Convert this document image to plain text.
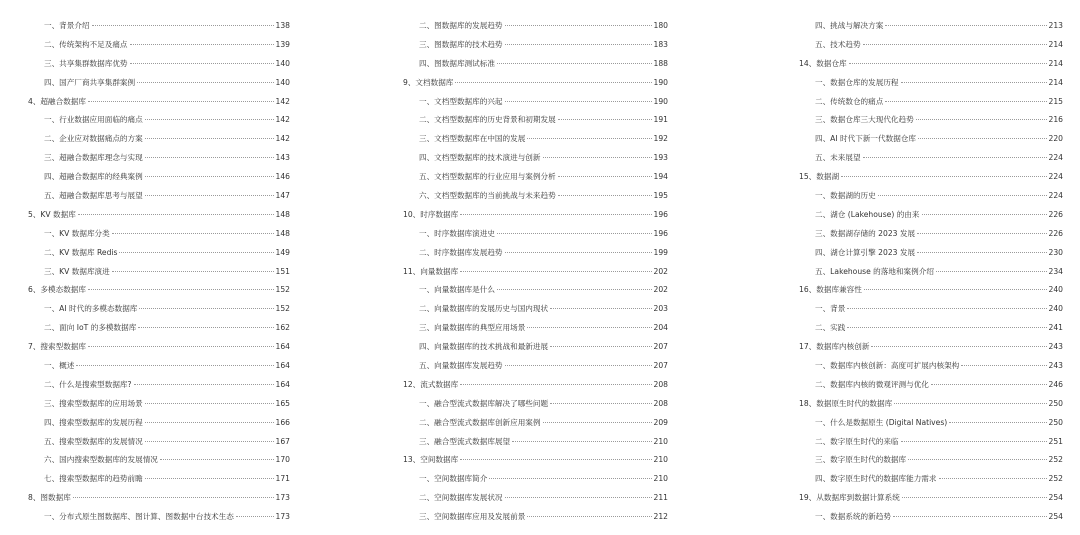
一、背景介绍	138
二、传统架构不足及痛点	139
三、共享集群数据库优势	140
四、国产厂商共享集群案例	140
4、超融合数据库	142
一、行业数据应用面临的痛点	142
二、企业应对数据痛点的方案	142
三、超融合数据库理念与实现	143
四、超融合数据库的经典案例	146
五、超融合数据库思考与展望	147
5、KV 数据库	148
一、KV 数据库分类	148
二、KV 数据库 Redis	149
三、KV 数据库演进	151
6、多模态数据库	152
一、AI 时代的多模态数据库	152
二、面向 IoT 的多模数据库	162
7、搜索型数据库	164
一、概述	164
二、什么是搜索型数据库?	164
三、搜索型数据库的应用场景	165
四、搜索型数据库的发展历程	166
五、搜索型数据库的发展情况	167
六、国内搜索型数据库的发展情况	170
七、搜索型数据库的趋势前瞻	171
8、图数据库	173
一、分布式原生图数据库、图计算、图数据中台技术生态	173
二、图数据库的发展趋势	180
三、图数据库的技术趋势	183
四、图数据库测试标准	188
9、文档数据库	190
一、文档型数据库的兴起	190
二、文档型数据库的历史背景和初期发展	191
三、文档型数据库在中国的发展	192
四、文档型数据库的技术演进与创新	193
五、文档型数据库的行业应用与案例分析	194
六、文档型数据库的当前挑战与未来趋势	195
10、时序数据库	196
一、时序数据库演进史	196
二、时序数据库发展趋势	199
11、向量数据库	202
一、向量数据库是什么	202
二、向量数据库的发展历史与国内现状	203
三、向量数据库的典型应用场景	204
四、向量数据库的技术挑战和最新进展	207
五、向量数据库发展趋势	207
12、流式数据库	208
一、融合型流式数据库解决了哪些问题	208
二、融合型流式数据库创新应用案例	209
三、融合型流式数据库展望	210
13、空间数据库	210
一、空间数据库简介	210
二、空间数据库发展状况	211
三、空间数据库应用及发展前景	212
四、挑战与解决方案	213
五、技术趋势	214
14、数据仓库	214
一、数据仓库的发展历程	214
二、传统数仓的痛点	215
三、数据仓库三大现代化趋势	216
四、AI 时代下新一代数据仓库	220
五、未来展望	224
15、数据湖	224
一、数据湖的历史	224
二、湖仓 (Lakehouse) 的由来	226
三、数据湖存储的 2023 发展	226
四、湖仓计算引擎 2023 发展	230
五、Lakehouse 的落地和案例介绍	234
16、数据库兼容性	240
一、背景	240
二、实践	241
17、数据库内核创新	243
一、数据库内核创新：高度可扩展内核架构	243
二、数据库内核的微观评测与优化	246
18、数据原生时代的数据库	250
一、什么是数据原生 (Digital Natives)	250
二、数字原生时代的来临	251
三、数字原生时代的数据库	252
四、数字原生时代的数据库能力需求	252
19、从数据库到数据计算系统	254
一、数据系统的新趋势	254
